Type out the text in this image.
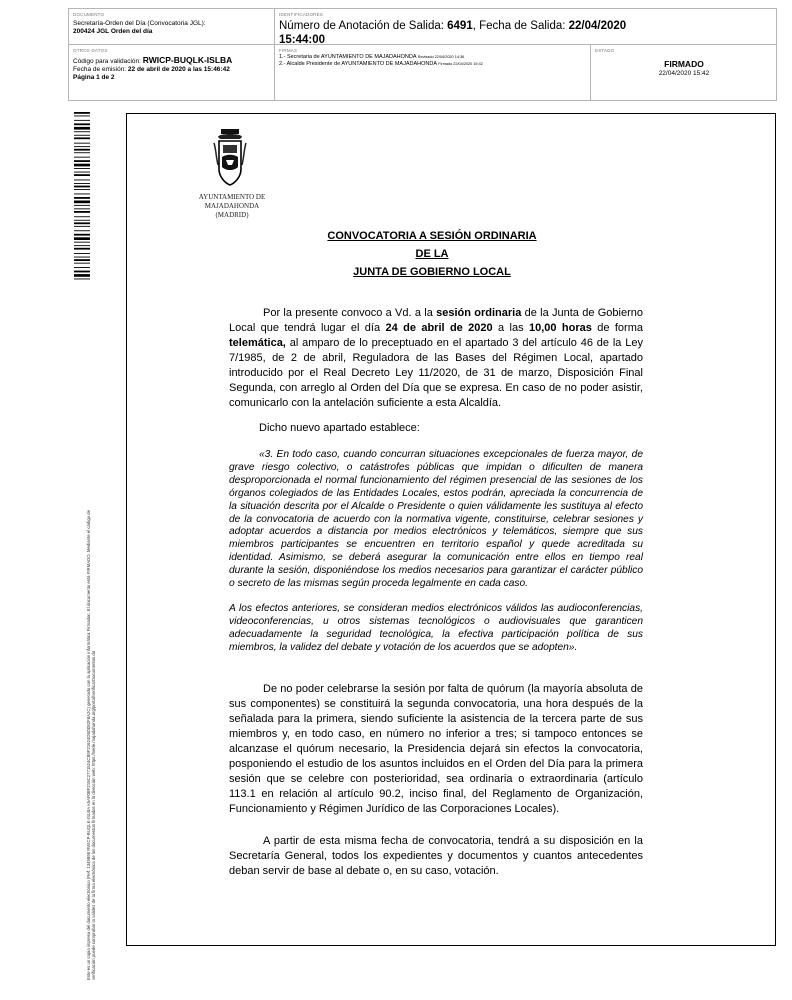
DOCUMENTO
Secretaría-Orden del Día (Convocatoria JGL):
200424 JGL Orden del día
IDENTIFICADORES
Número de Anotación de Salida: 6491, Fecha de Salida: 22/04/2020
15:44:00
OTROS DATOS
Código para validación: RWICP-BUQLK-ISLBA
Fecha de emisión: 22 de abril de 2020 a las 15:46:42
Página 1 de 2
FIRMAS
1.- Secretaria de AYUNTAMIENTO DE MAJADAHONDA Revisado 22/04/2020 14:36
2.- Alcalde Presidente de AYUNTAMIENTO DE MAJADAHONDA Firmado 22/04/2020 15:42
ESTADO
FIRMADO
22/04/2020 15:42
Este es un copia impresa del documento electrónico (Ref: 1349898 RWICP-BUQLK-ISLBA A5AF0BF218C2771524CB9F21624D6D052F8A2C) generado con la aplicación informática Firmadoc. El documento está FIRMADO. Mediante el código de verificación puede comprobar la validez de la firma electrónica de los documentos firmados en la dirección web: https://sede.majadahonda.org/portal/verificarDocumentos.do
AYUNTAMIENTO DE
MAJADAHONDA
(MADRID)
CONVOCATORIA A SESIÓN ORDINARIA
DE LA
JUNTA DE GOBIERNO LOCAL

Por la presente convoco a Vd. a la sesión ordinaria de la Junta de Gobierno Local que tendrá lugar el día 24 de abril de 2020 a las 10,00 horas de forma telemática, al amparo de lo preceptuado en el apartado 3 del artículo 46 de la Ley 7/1985, de 2 de abril, Reguladora de las Bases del Régimen Local, apartado introducido por el Real Decreto Ley 11/2020, de 31 de marzo, Disposición Final Segunda, con arreglo al Orden del Día que se expresa. En caso de no poder asistir, comunicarlo con la antelación suficiente a esta Alcaldía.

Dicho nuevo apartado establece:

«3. En todo caso, cuando concurran situaciones excepcionales de fuerza mayor, de grave riesgo colectivo, o catástrofes públicas que impidan o dificulten de manera desproporcionada el normal funcionamiento del régimen presencial de las sesiones de los órganos colegiados de las Entidades Locales, estos podrán, apreciada la concurrencia de la situación descrita por el Alcalde o Presidente o quien válidamente les sustituya al efecto de la convocatoria de acuerdo con la normativa vigente, constituirse, celebrar sesiones y adoptar acuerdos a distancia por medios electrónicos y telemáticos, siempre que sus miembros participantes se encuentren en territorio español y quede acreditada su identidad. Asimismo, se deberá asegurar la comunicación entre ellos en tiempo real durante la sesión, disponiéndose los medios necesarios para garantizar el carácter público o secreto de las mismas según proceda legalmente en cada caso.

A los efectos anteriores, se consideran medios electrónicos válidos las audioconferencias, videoconferencias, u otros sistemas tecnológicos o audiovisuales que garanticen adecuadamente la seguridad tecnológica, la efectiva participación política de sus miembros, la validez del debate y votación de los acuerdos que se adopten».

De no poder celebrarse la sesión por falta de quórum (la mayoría absoluta de sus componentes) se constituirá la segunda convocatoria, una hora después de la señalada para la primera, siendo suficiente la asistencia de la tercera parte de sus miembros y, en todo caso, en número no inferior a tres; si tampoco entonces se alcanzase el quórum necesario, la Presidencia dejará sin efectos la convocatoria, posponiendo el estudio de los asuntos incluidos en el Orden del Día para la primera sesión que se celebre con posterioridad, sea ordinaria o extraordinaria (artículo 113.1 en relación al artículo 90.2, inciso final, del Reglamento de Organización, Funcionamiento y Régimen Jurídico de las Corporaciones Locales).

A partir de esta misma fecha de convocatoria, tendrá a su disposición en la Secretaría General, todos los expedientes y documentos y cuantos antecedentes deban servir de base al debate o, en su caso, votación.
